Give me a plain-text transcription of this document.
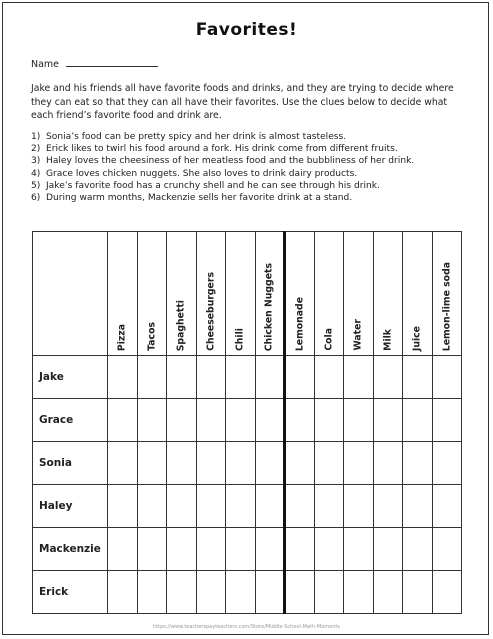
Favorites!
Name
Jake and his friends all have favorite foods and drinks, and they are trying to decide where they can eat so that they can all have their favorites. Use the clues below to decide what each friend’s favorite food and drink are.
1) Sonia’s food can be pretty spicy and her drink is almost tasteless.
2) Erick likes to twirl his food around a fork. His drink come from different fruits.
3) Haley loves the cheesiness of her meatless food and the bubbliness of her drink.
4) Grace loves chicken nuggets. She also loves to drink dairy products.
5) Jake’s favorite food has a crunchy shell and he can see through his drink.
6) During warm months, Mackenzie sells her favorite drink at a stand.

	Pizza	Tacos	Spaghetti	Cheeseburgers	Chili	Chicken Nuggets	Lemonade	Cola	Water	Milk	Juice	Lemon-lime soda

Jake												
Grace												
Sonia												
Haley												
Mackenzie												
Erick												
https://www.teacherspayteachers.com/Store/Middle-School-Math-Moments
